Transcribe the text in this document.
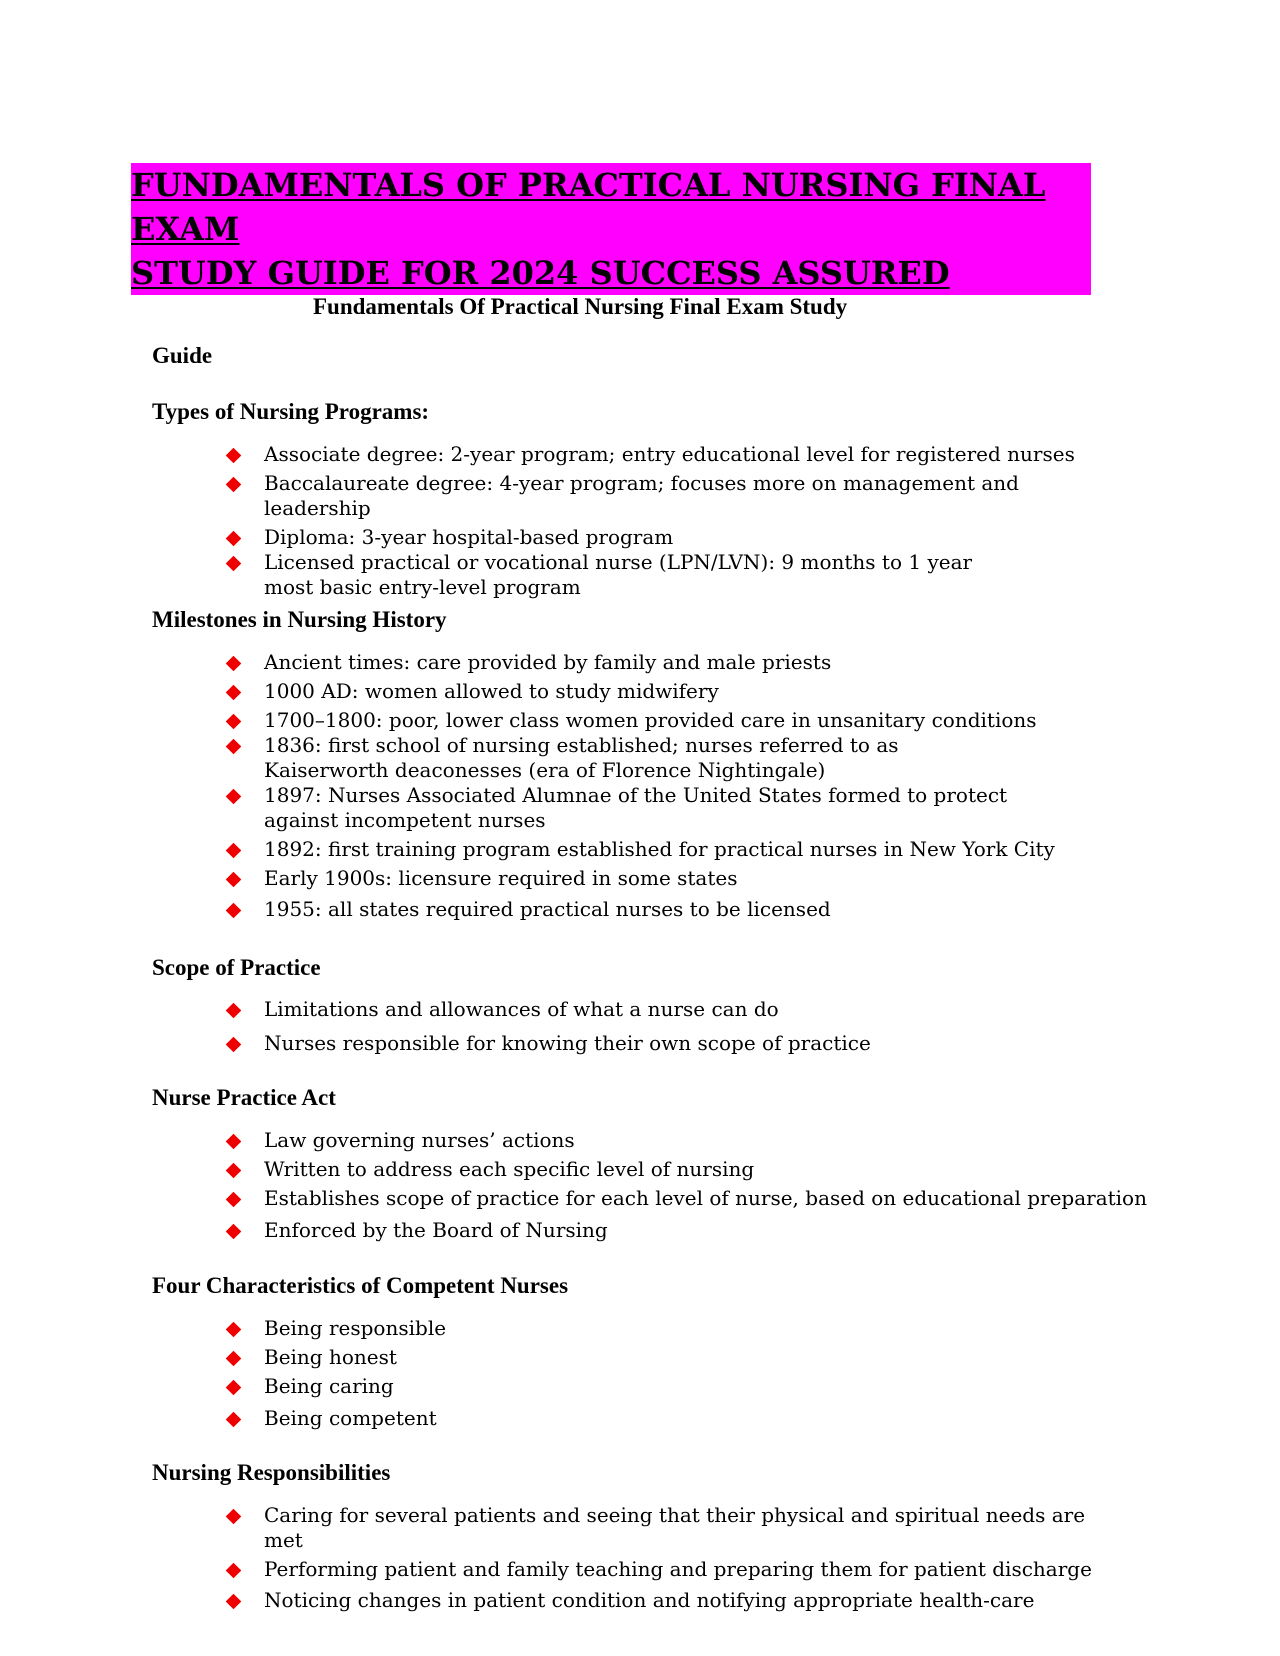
FUNDAMENTALS OF PRACTICAL NURSING FINAL EXAM
STUDY GUIDE FOR 2024 SUCCESS ASSURED

Fundamentals Of Practical Nursing Final Exam Study

Guide

Types of Nursing Programs:
Associate degree: 2-year program; entry educational level for registered nurses
Baccalaureate degree: 4-year program; focuses more on management and leadership
Diploma: 3-year hospital-based program
Licensed practical or vocational nurse (LPN/LVN): 9 months to 1 year most basic entry-level program
Milestones in Nursing History
Ancient times: care provided by family and male priests
1000 AD: women allowed to study midwifery
1700–1800: poor, lower class women provided care in unsanitary conditions
1836: first school of nursing established; nurses referred to as Kaiserworth deaconesses (era of Florence Nightingale)
1897: Nurses Associated Alumnae of the United States formed to protect against incompetent nurses
1892: first training program established for practical nurses in New York City
Early 1900s: licensure required in some states
1955: all states required practical nurses to be licensed
Scope of Practice
Limitations and allowances of what a nurse can do
Nurses responsible for knowing their own scope of practice
Nurse Practice Act
Law governing nurses’ actions
Written to address each specific level of nursing
Establishes scope of practice for each level of nurse, based on educational preparation
Enforced by the Board of Nursing
Four Characteristics of Competent Nurses
Being responsible
Being honest
Being caring
Being competent
Nursing Responsibilities
Caring for several patients and seeing that their physical and spiritual needs are met
Performing patient and family teaching and preparing them for patient discharge
Noticing changes in patient condition and notifying appropriate health-care
